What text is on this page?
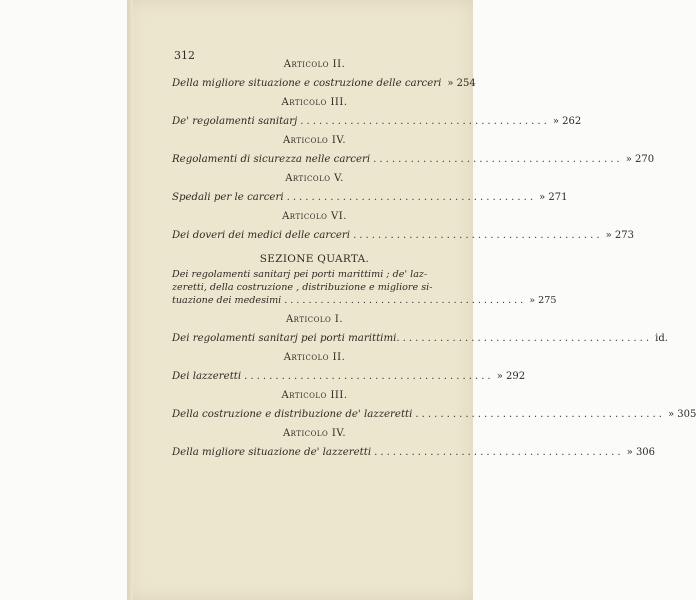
312
Articolo II.
Della migliore situazione e costruzione delle carceri » 254
Articolo III.
De' regolamenti sanitarj ........................................ » 262
Articolo IV.
Regolamenti di sicurezza nelle carceri ........................................ » 270
Articolo V.
Spedali per le carceri ........................................ » 271
Articolo VI.
Dei doveri dei medici delle carceri ........................................ » 273
SEZIONE QUARTA.
Dei regolamenti sanitarj pei porti marittimi ; de' laz-
zeretti, della costruzione , distribuzione e migliore si-
tuazione dei medesimi ........................................ » 275
Articolo I.
Dei regolamenti sanitarj pei porti marittimi. ........................................ id.
Articolo II.
Dei lazzeretti ........................................ » 292
Articolo III.
Della costruzione e distribuzione de' lazzeretti ........................................ » 305
Articolo IV.
Della migliore situazione de' lazzeretti ........................................ » 306
